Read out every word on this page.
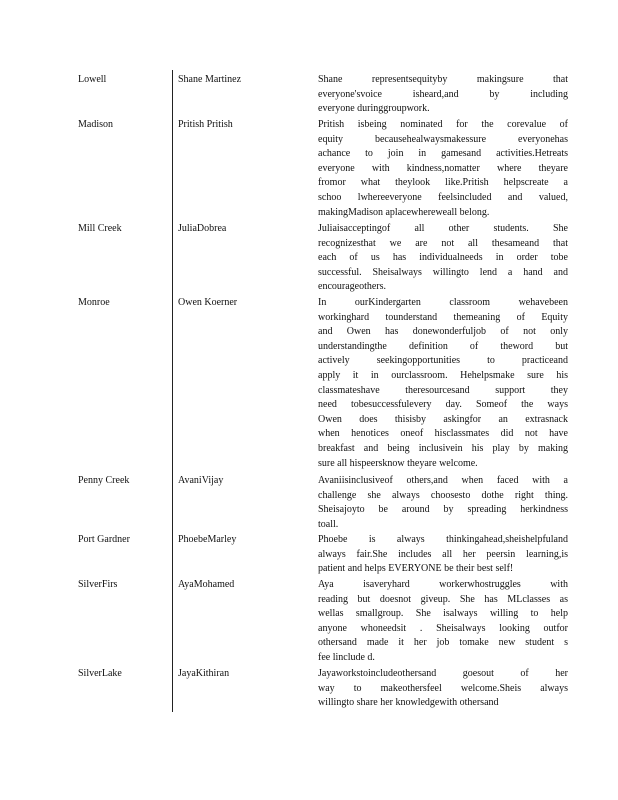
Lowell	Shane Martinez	Shane representsequityby makingsure that
everyone'svoice isheard,and by including
everyone duringgroupwork.
Madison	Pritish Pritish	Pritish isbeing nominated for the corevalue of
equity becausehealwaysmakessure everyonehas
achance to join in gamesand activities.Hetreats
everyone with kindness,nomatter where theyare
fromor what theylook like.Pritish helpscreate a
schoo lwhereeveryone feelsincluded and valued,
makingMadison aplacewhereweall belong.
Mill Creek	JuliaDobrea	Juliaisacceptingof all other students. She
recognizesthat we are not all thesameand that
each of us has individualneeds in order tobe
successful. Sheisalways willingto lend a hand and
encourageothers.
Monroe	Owen Koerner	In ourKindergarten classroom wehavebeen
workinghard tounderstand themeaning of Equity
and Owen has donewonderfuljob of not only
understandingthe definition of theword but
actively seekingopportunities to practiceand
apply it in ourclassroom. Hehelpsmake sure his
classmateshave theresourcesand support they
need tobesuccessfulevery day. Someof the ways
Owen does thisisby askingfor an extrasnack
when henotices oneof hisclassmates did not have
breakfast and being inclusivein his play by making
sure all hispeersknow theyare welcome.
Penny Creek	AvaniVijay	Avaniisinclusiveof others,and when faced with a
challenge she always choosesto dothe right thing.
Sheisajoyto be around by spreading herkindness
toall.
Port Gardner	PhoebeMarley	Phoebe is always thinkingahead,sheishelpfuland
always fair.She includes all her peersin learning,is
patient and helps EVERYONE be their best self!
SilverFirs	AyaMohamed	Aya isaveryhard workerwhostruggles with
reading but doesnot giveup. She has MLclasses as
wellas smallgroup. She isalways willing to help
anyone whoneedsit . Sheisalways looking outfor
othersand made it her job tomake new student s
fee linclude d.
SilverLake	JayaKithiran	Jayaworkstoincludeothersand goesout of her
way to makeothersfeel welcome.Sheis always
willingto share her knowledgewith othersand
